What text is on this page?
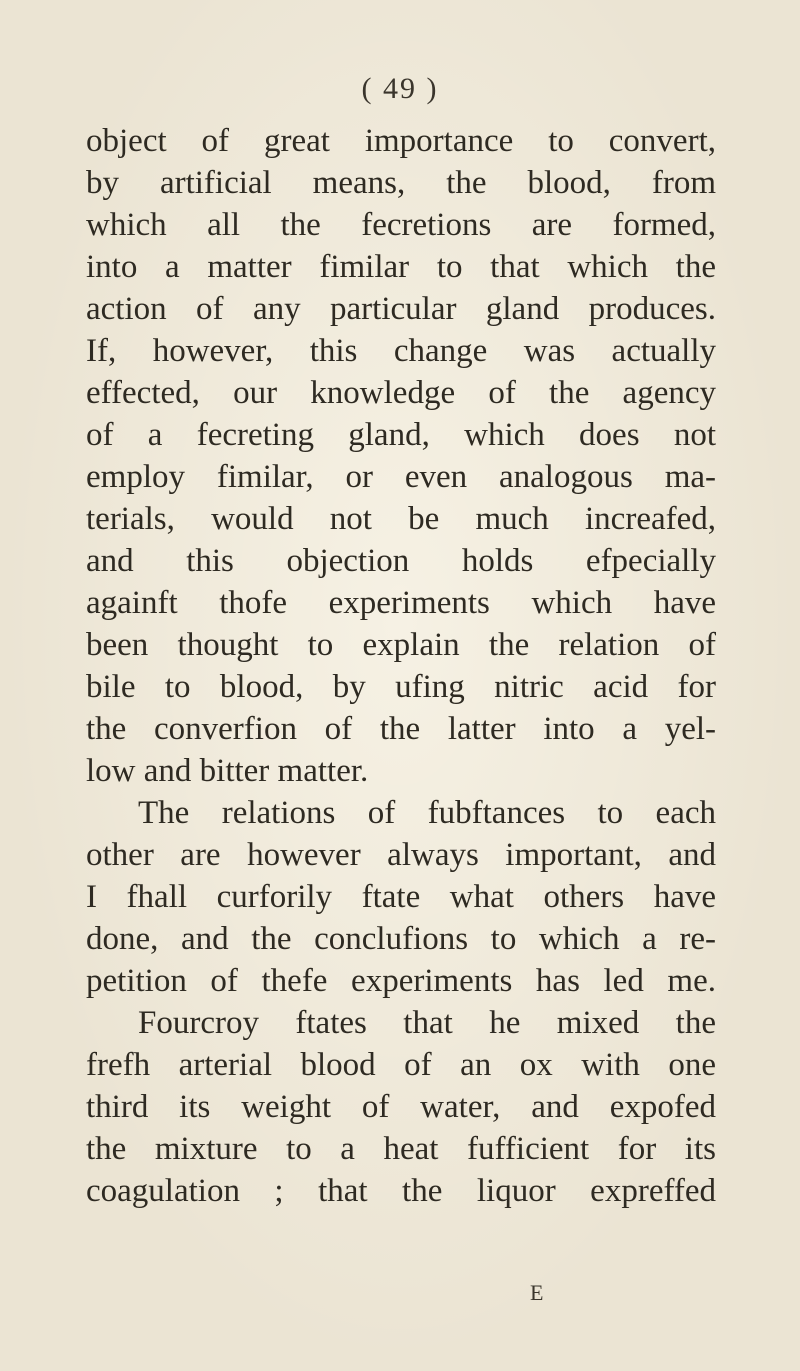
( 49 )
object of great importance to convert,
by artificial means, the blood, from
which all the fecretions are formed,
into a matter fimilar to that which the
action of any particular gland produces.
If, however, this change was actually
effected, our knowledge of the agency
of a fecreting gland, which does not
employ fimilar, or even analogous ma-
terials, would not be much increafed,
and this objection holds efpecially
againft thofe experiments which have
been thought to explain the relation of
bile to blood, by ufing nitric acid for
the converfion of the latter into a yel-
low and bitter matter.
The relations of fubftances to each
other are however always important, and
I fhall curforily ftate what others have
done, and the conclufions to which a re-
petition of thefe experiments has led me.
Fourcroy ftates that he mixed the
frefh arterial blood of an ox with one
third its weight of water, and expofed
the mixture to a heat fufficient for its
coagulation ; that the liquor expreffed
E
